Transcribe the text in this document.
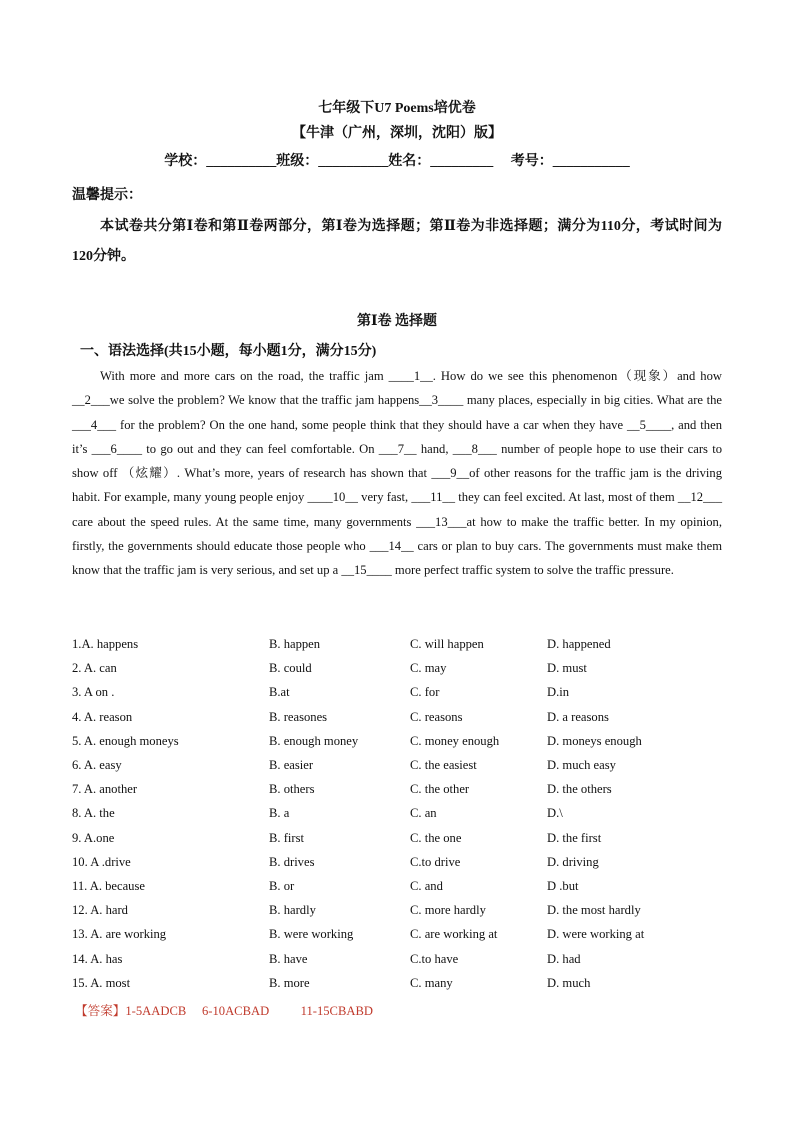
七年级下U7 Poems培优卷
【牛津（广州，深圳，沈阳）版】
学校：__________班级：__________姓名：_________     考号：___________
温馨提示：
本试卷共分第Ⅰ卷和第Ⅱ卷两部分，第Ⅰ卷为选择题；第Ⅱ卷为非选择题；满分为110分，考试时间为120分钟。
第Ⅰ卷 选择题
一、语法选择(共15小题，每小题1分，满分15分)
With more and more cars on the road, the traffic jam ____1__. How do we see this phenomenon（现象）and how __2___we solve the problem? We know that the traffic jam happens__3____ many places, especially in big cities. What are the ___4___ for the problem? On the one hand, some people think that they should have a car when they have __5____, and then it’s ___6____ to go out and they can feel comfortable. On ___7__ hand, ___8___ number of people hope to use their cars to show off （炫耀）. What’s more, years of research has shown that ___9__of other reasons for the traffic jam is the driving habit. For example, many young people enjoy ____10__ very fast, ___11__ they can feel excited. At last, most of them __12___ care about the speed rules. At the same time, many governments ___13___at how to make the traffic better. In my opinion, firstly, the governments should educate those people who ___14__ cars or plan to buy cars. The governments must make them know that the traffic jam is very serious, and set up a __15____ more perfect traffic system to solve the traffic pressure.
1.A. happens	B. happen	C. will happen	D. happened
2. A. can	B. could	C. may	D. must
3. A on .	B.at	C. for	D.in
4. A. reason	B. reasones	C. reasons	D. a reasons
5. A. enough moneys	B. enough money	C. money enough	D. moneys enough
6. A. easy	B. easier	C. the easiest	D. much easy
7. A. another	B. others	C. the other	D. the others
8. A. the	B. a	C. an	D.\
9. A.one	B. first	C. the one	D. the first
10. A .drive	B. drives	C.to drive	D. driving
11. A. because	B. or	C. and	D .but
12. A. hard	B. hardly	C. more hardly	D. the most hardly
13. A. are working	B. were working	C. are working at	D. were working at
14. A. has	B. have	C.to have	D. had
15. A. most	B. more	C. many	D. much
【答案】1-5AADCB     6-10ACBAD          11-15CBABD
